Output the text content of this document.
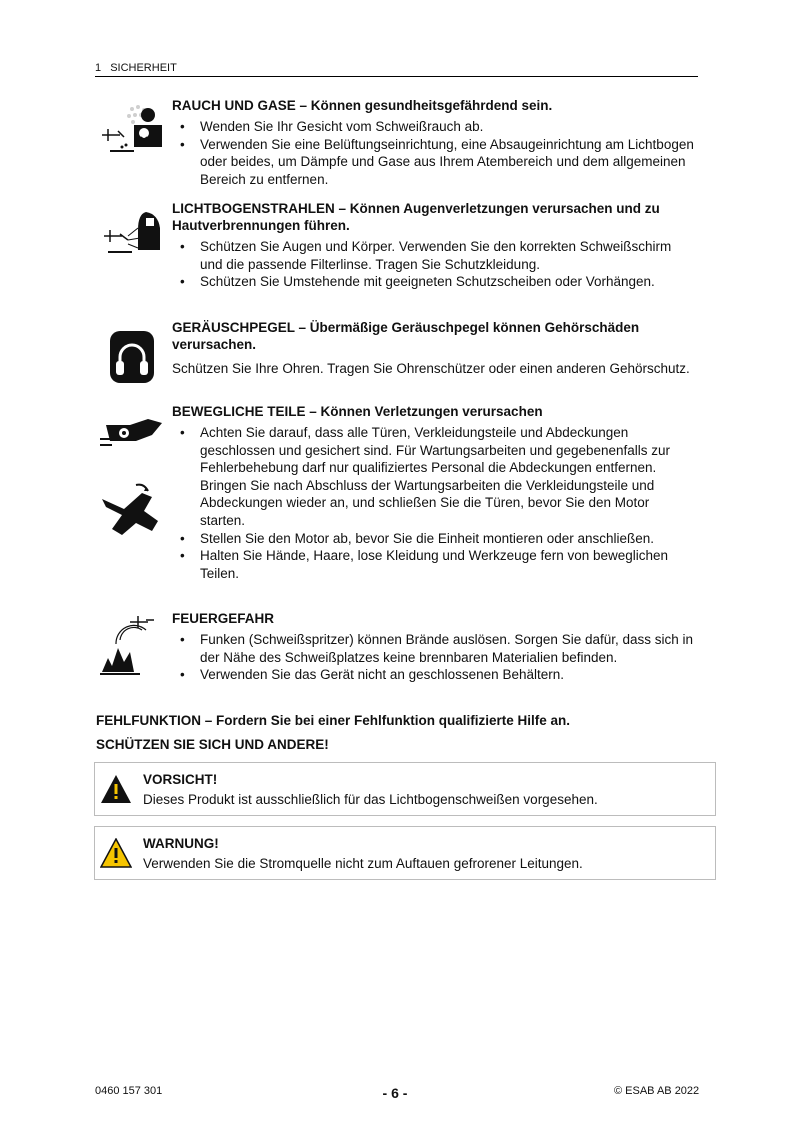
1 SICHERHEIT

RAUCH UND GASE – Können gesundheitsgefährdend sein.

• Wenden Sie Ihr Gesicht vom Schweißrauch ab.
• Verwenden Sie eine Belüftungseinrichtung, eine Absaugeinrichtung am Lichtbogen oder beides, um Dämpfe und Gase aus Ihrem Atembereich und dem allgemeinen Bereich zu entfernen.

LICHTBOGENSTRAHLEN – Können Augenverletzungen verursachen und zu Hautverbrennungen führen.

• Schützen Sie Augen und Körper. Verwenden Sie den korrekten Schweißschirm und die passende Filterlinse. Tragen Sie Schutzkleidung.
• Schützen Sie Umstehende mit geeigneten Schutzscheiben oder Vorhängen.

GERÄUSCHPEGEL – Übermäßige Geräuschpegel können Gehörschäden verursachen.

Schützen Sie Ihre Ohren. Tragen Sie Ohrenschützer oder einen anderen Gehörschutz.

BEWEGLICHE TEILE – Können Verletzungen verursachen

• Achten Sie darauf, dass alle Türen, Verkleidungsteile und Abdeckungen geschlossen und gesichert sind. Für Wartungsarbeiten und gegebenenfalls zur Fehlerbehebung darf nur qualifiziertes Personal die Abdeckungen entfernen. Bringen Sie nach Abschluss der Wartungsarbeiten die Verkleidungsteile und Abdeckungen wieder an, und schließen Sie die Türen, bevor Sie den Motor starten.
• Stellen Sie den Motor ab, bevor Sie die Einheit montieren oder anschließen.
• Halten Sie Hände, Haare, lose Kleidung und Werkzeuge fern von beweglichen Teilen.

FEUERGEFAHR

• Funken (Schweißspritzer) können Brände auslösen. Sorgen Sie dafür, dass sich in der Nähe des Schweißplatzes keine brennbaren Materialien befinden.
• Verwenden Sie das Gerät nicht an geschlossenen Behältern.
FEHLFUNKTION – Fordern Sie bei einer Fehlfunktion qualifizierte Hilfe an.
SCHÜTZEN SIE SICH UND ANDERE!
VORSICHT!
Dieses Produkt ist ausschließlich für das Lichtbogenschweißen vorgesehen.
WARNUNG!
Verwenden Sie die Stromquelle nicht zum Auftauen gefrorener Leitungen.
0460 157 301	- 6 -	© ESAB AB 2022
